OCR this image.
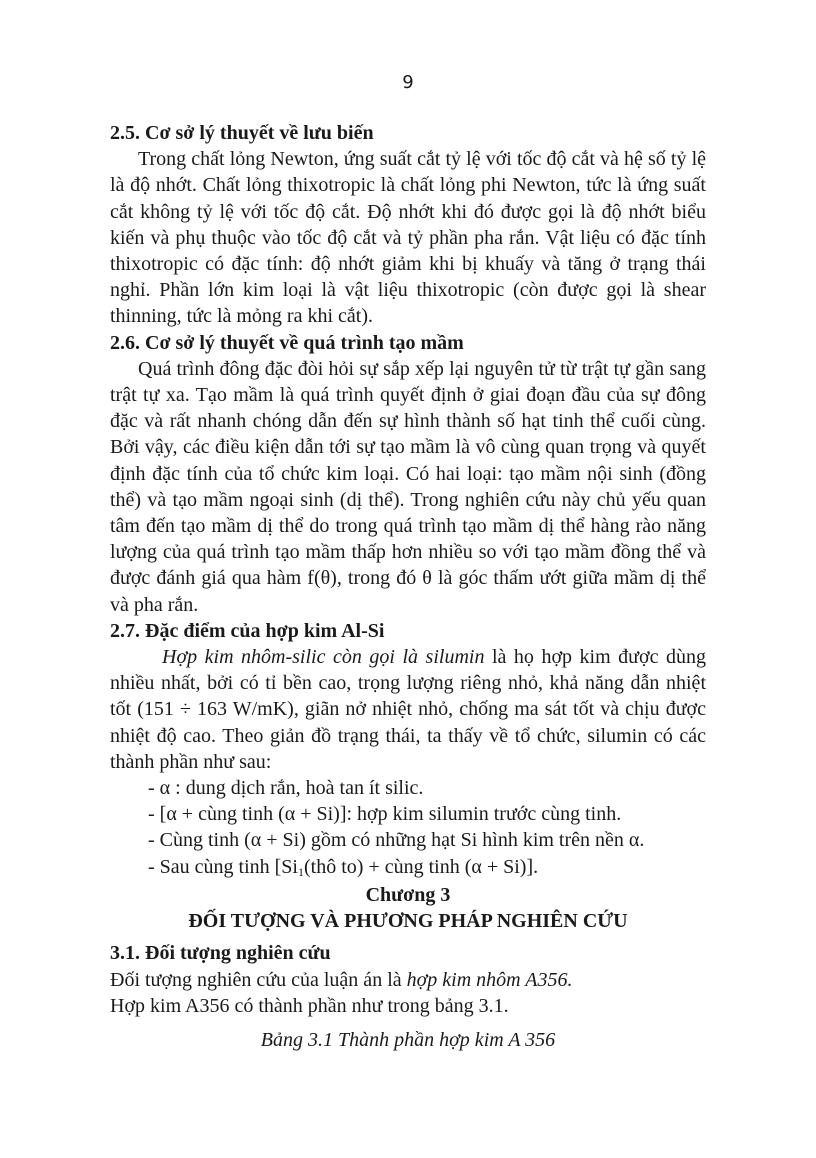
9

2.5. Cơ sở lý thuyết về lưu biến

Trong chất lỏng Newton, ứng suất cắt tỷ lệ với tốc độ cắt và hệ số tỷ lệ là độ nhớt. Chất lỏng thixotropic là chất lỏng phi Newton, tức là ứng suất cắt không tỷ lệ với tốc độ cắt. Độ nhớt khi đó được gọi là độ nhớt biểu kiến và phụ thuộc vào tốc độ cắt và tỷ phần pha rắn. Vật liệu có đặc tính thixotropic có đặc tính: độ nhớt giảm khi bị khuấy và tăng ở trạng thái nghỉ. Phần lớn kim loại là vật liệu thixotropic (còn được gọi là shear thinning, tức là mỏng ra khi cắt).

2.6. Cơ sở lý thuyết về quá trình tạo mầm

Quá trình đông đặc đòi hỏi sự sắp xếp lại nguyên tử từ trật tự gần sang trật tự xa. Tạo mầm là quá trình quyết định ở giai đoạn đầu của sự đông đặc và rất nhanh chóng dẫn đến sự hình thành số hạt tinh thể cuối cùng. Bởi vậy, các điều kiện dẫn tới sự tạo mầm là vô cùng quan trọng và quyết định đặc tính của tổ chức kim loại. Có hai loại: tạo mầm nội sinh (đồng thể) và tạo mầm ngoại sinh (dị thể). Trong nghiên cứu này chủ yếu quan tâm đến tạo mầm dị thể do trong quá trình tạo mầm dị thể hàng rào năng lượng của quá trình tạo mầm thấp hơn nhiều so với tạo mầm đồng thể và được đánh giá qua hàm f(θ), trong đó θ là góc thấm ướt giữa mầm dị thể và pha rắn.

2.7. Đặc điểm của hợp kim Al-Si

Hợp kim nhôm-silic còn gọi là silumin là họ hợp kim được dùng nhiều nhất, bởi có tỉ bền cao, trọng lượng riêng nhỏ, khả năng dẫn nhiệt tốt (151 ÷ 163 W/mK), giãn nở nhiệt nhỏ, chống ma sát tốt và chịu được nhiệt độ cao. Theo giản đồ trạng thái, ta thấy về tổ chức, silumin có các thành phần như sau:

- α : dung dịch rắn, hoà tan ít silic.
- [α + cùng tinh (α + Si)]: hợp kim silumin trước cùng tinh.
- Cùng tinh (α + Si) gồm có những hạt Si hình kim trên nền α.
- Sau cùng tinh [$Si_1(thô$ to) + cùng tinh (α + Si)].

Chương 3

ĐỐI TƯỢNG VÀ PHƯƠNG PHÁP NGHIÊN CỨU

3.1. Đối tượng nghiên cứu

Đối tượng nghiên cứu của luận án là hợp kim nhôm A356.

Hợp kim A356 có thành phần như trong bảng 3.1.

Bảng 3.1 Thành phần hợp kim A 356
